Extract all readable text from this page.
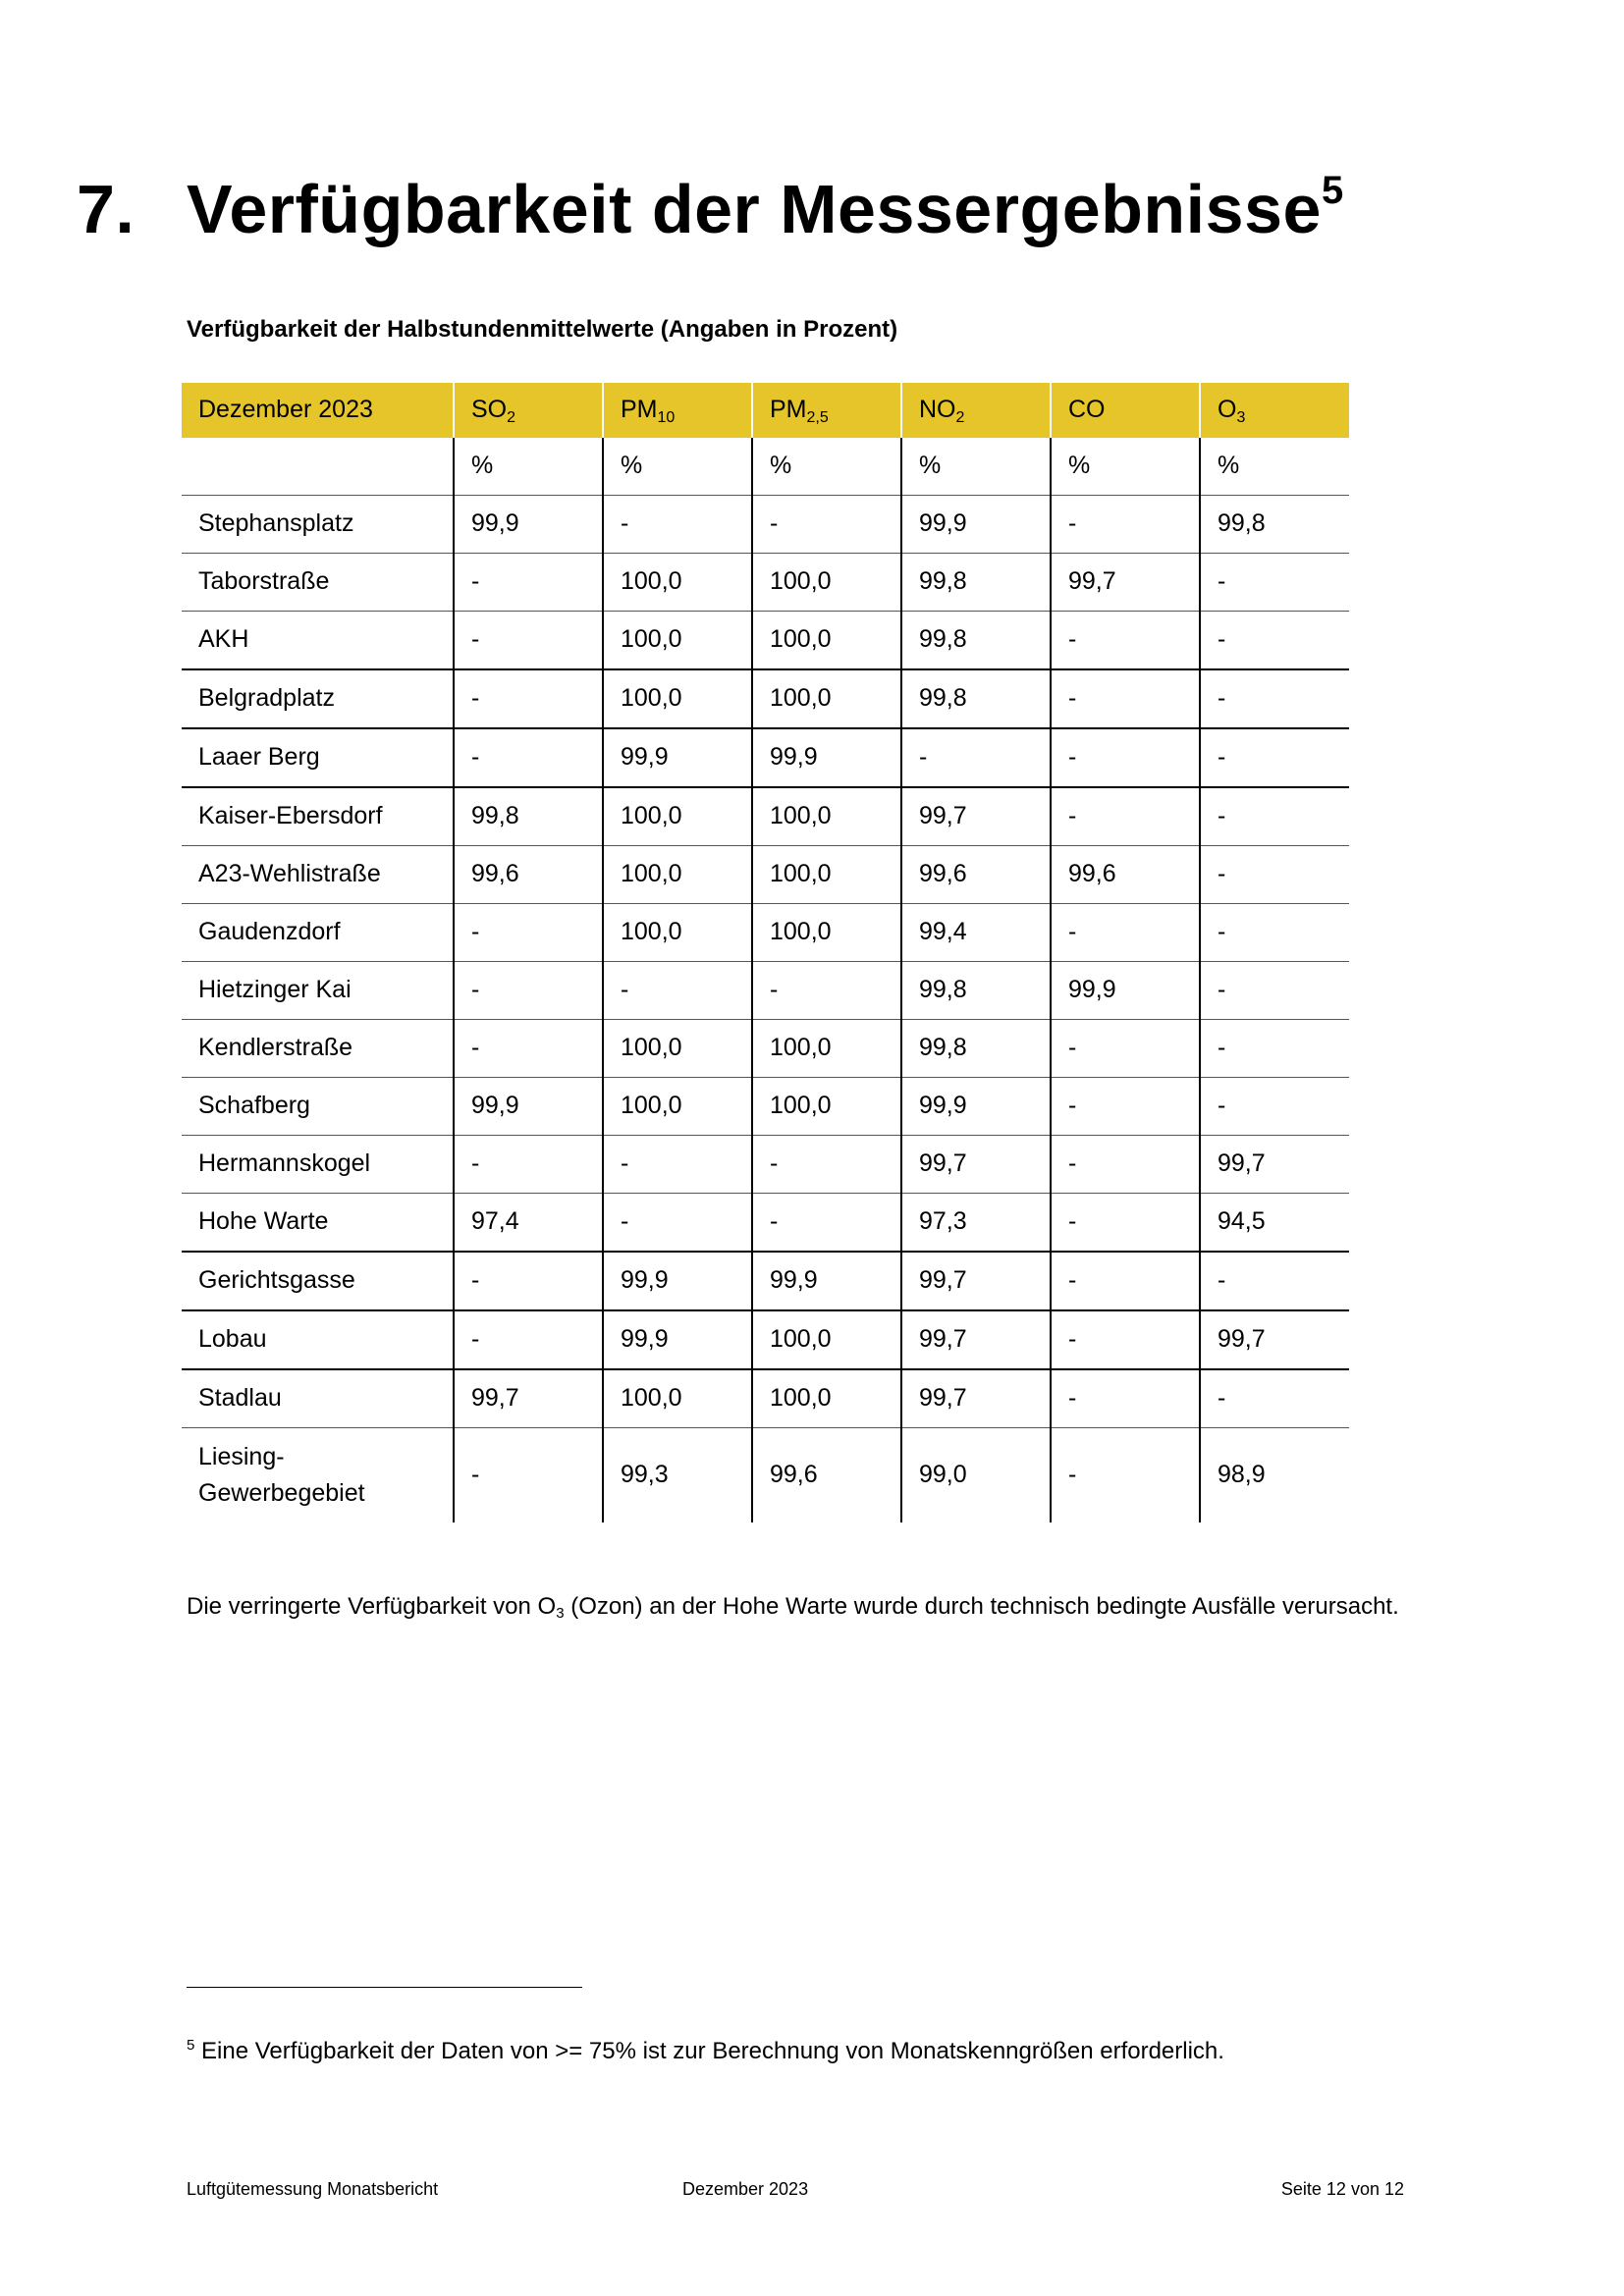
7. Verfügbarkeit der Messergebnisse$^5$
Verfügbarkeit der Halbstundenmittelwerte (Angaben in Prozent)
Dezember 2023	$SO_2$	$PM_{10}$	$PM_{2,5}$	$NO_2$	CO	$O_3$
	%	%	%	%	%	%
Stephansplatz	99,9	-	-	99,9	-	99,8
Taborstraße	-	100,0	100,0	99,8	99,7	-
AKH	-	100,0	100,0	99,8	-	-
Belgradplatz	-	100,0	100,0	99,8	-	-
Laaer Berg	-	99,9	99,9	-	-	-
Kaiser-Ebersdorf	99,8	100,0	100,0	99,7	-	-
A23-Wehlistraße	99,6	100,0	100,0	99,6	99,6	-
Gaudenzdorf	-	100,0	100,0	99,4	-	-
Hietzinger Kai	-	-	-	99,8	99,9	-
Kendlerstraße	-	100,0	100,0	99,8	-	-
Schafberg	99,9	100,0	100,0	99,9	-	-
Hermannskogel	-	-	-	99,7	-	99,7
Hohe Warte	97,4	-	-	97,3	-	94,5
Gerichtsgasse	-	99,9	99,9	99,7	-	-
Lobau	-	99,9	100,0	99,7	-	99,7
Stadlau	99,7	100,0	100,0	99,7	-	-
Liesing-
Gewerbegebiet	-	99,3	99,6	99,0	-	98,9

Die verringerte Verfügbarkeit von O3 (Ozon) an der Hohe Warte wurde durch technisch bedingte Ausfälle verursacht.

$^5$ Eine Verfügbarkeit der Daten von >= 75% ist zur Berechnung von Monatskenngrößen erforderlich.

Luftgütemessung Monatsbericht	Dezember 2023	Seite 12 von 12
